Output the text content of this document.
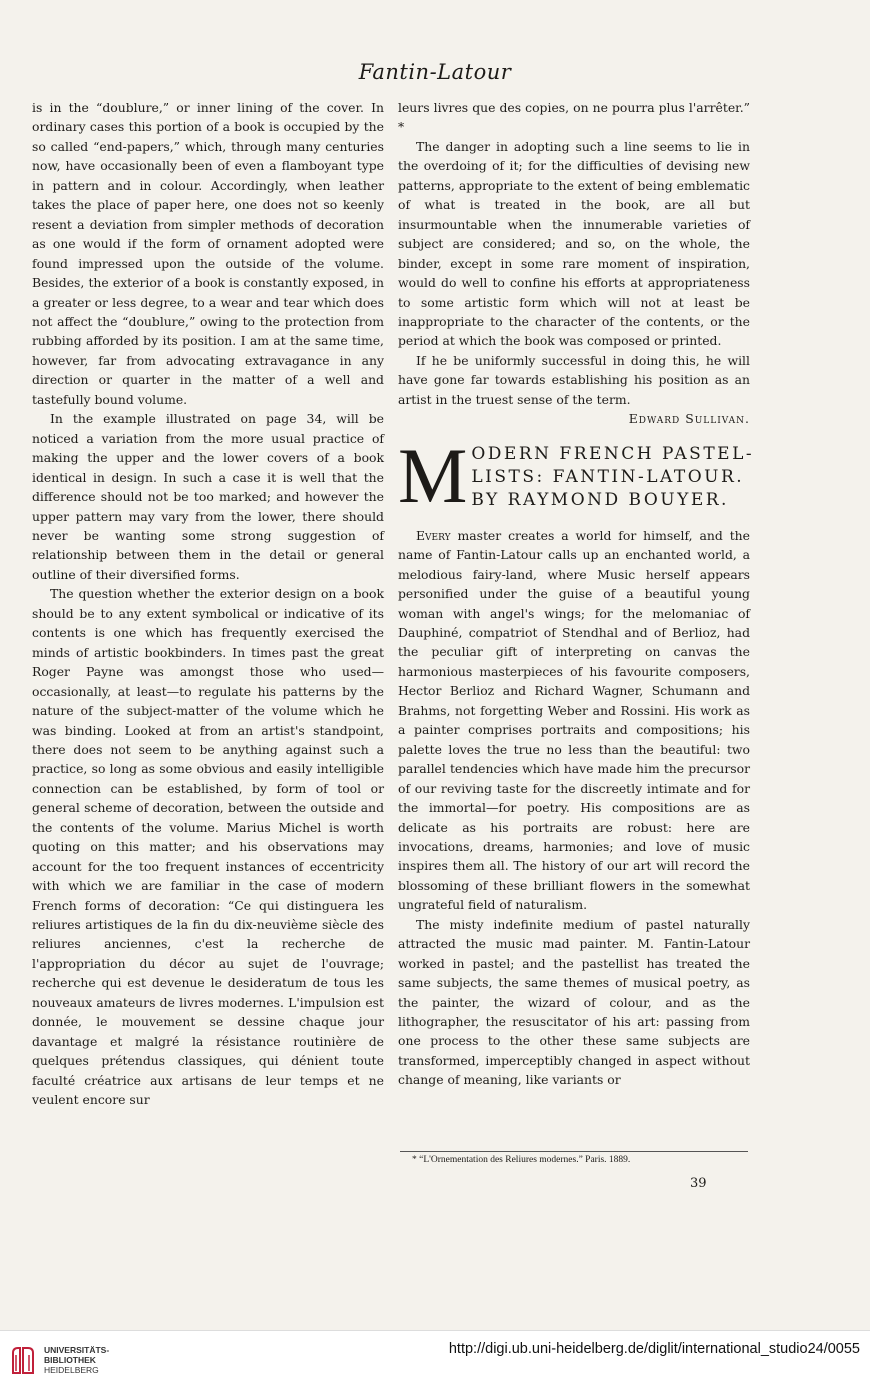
Fantin-Latour

is in the “doublure,” or inner lining of the cover. In ordinary cases this portion of a book is occupied by the so called “end-papers,” which, through many centuries now, have occasionally been of even a flamboyant type in pattern and in colour. Accordingly, when leather takes the place of paper here, one does not so keenly resent a deviation from simpler methods of decoration as one would if the form of ornament adopted were found impressed upon the outside of the volume. Besides, the exterior of a book is constantly exposed, in a greater or less degree, to a wear and tear which does not affect the “doublure,” owing to the protection from rubbing afforded by its position. I am at the same time, however, far from advocating extravagance in any direction or quarter in the matter of a well and tastefully bound volume.

In the example illustrated on page 34, will be noticed a variation from the more usual practice of making the upper and the lower covers of a book identical in design. In such a case it is well that the difference should not be too marked; and however the upper pattern may vary from the lower, there should never be wanting some strong suggestion of relationship between them in the detail or general outline of their diversified forms.

The question whether the exterior design on a book should be to any extent symbolical or indicative of its contents is one which has frequently exercised the minds of artistic bookbinders. In times past the great Roger Payne was amongst those who used—occasionally, at least—to regulate his patterns by the nature of the subject-matter of the volume which he was binding. Looked at from an artist's standpoint, there does not seem to be anything against such a practice, so long as some obvious and easily intelligible connection can be established, by form of tool or general scheme of decoration, between the outside and the contents of the volume. Marius Michel is worth quoting on this matter; and his observations may account for the too frequent instances of eccentricity with which we are familiar in the case of modern French forms of decoration: “Ce qui distinguera les reliures artistiques de la fin du dix-neuvième siècle des reliures anciennes, c'est la recherche de l'appropriation du décor au sujet de l'ouvrage; recherche qui est devenue le desideratum de tous les nouveaux amateurs de livres modernes. L'impulsion est donnée, le mouvement se dessine chaque jour davantage et malgré la résistance routinière de quelques prétendus classiques, qui dénient toute faculté créatrice aux artisans de leur temps et ne veulent encore sur

leurs livres que des copies, on ne pourra plus l'arrêter.” *

The danger in adopting such a line seems to lie in the overdoing of it; for the difficulties of devising new patterns, appropriate to the extent of being emblematic of what is treated in the book, are all but insurmountable when the innumerable varieties of subject are considered; and so, on the whole, the binder, except in some rare moment of inspiration, would do well to confine his efforts at appropriateness to some artistic form which will not at least be inappropriate to the character of the contents, or the period at which the book was composed or printed.

If he be uniformly successful in doing this, he will have gone far towards establishing his position as an artist in the truest sense of the term.

Edward Sullivan.

M ODERN FRENCH PASTEL-
LISTS: FANTIN-LATOUR.
BY RAYMOND BOUYER.

Every master creates a world for himself, and the name of Fantin-Latour calls up an enchanted world, a melodious fairy-land, where Music herself appears personified under the guise of a beautiful young woman with angel's wings; for the melomaniac of Dauphiné, compatriot of Stendhal and of Berlioz, had the peculiar gift of interpreting on canvas the harmonious masterpieces of his favourite composers, Hector Berlioz and Richard Wagner, Schumann and Brahms, not forgetting Weber and Rossini. His work as a painter comprises portraits and compositions; his palette loves the true no less than the beautiful: two parallel tendencies which have made him the precursor of our reviving taste for the discreetly intimate and for the immortal—for poetry. His compositions are as delicate as his portraits are robust: here are invocations, dreams, harmonies; and love of music inspires them all. The history of our art will record the blossoming of these brilliant flowers in the somewhat ungrateful field of naturalism.

The misty indefinite medium of pastel naturally attracted the music mad painter. M. Fantin-Latour worked in pastel; and the pastellist has treated the same subjects, the same themes of musical poetry, as the painter, the wizard of colour, and as the lithographer, the resuscitator of his art: passing from one process to the other these same subjects are transformed, imperceptibly changed in aspect without change of meaning, like variants or

* “L'Ornementation des Reliures modernes.” Paris. 1889.
39
UNIVERSITÄTS-
BIBLIOTHEK
HEIDELBERG
http://digi.ub.uni-heidelberg.de/diglit/international_studio24/0055
